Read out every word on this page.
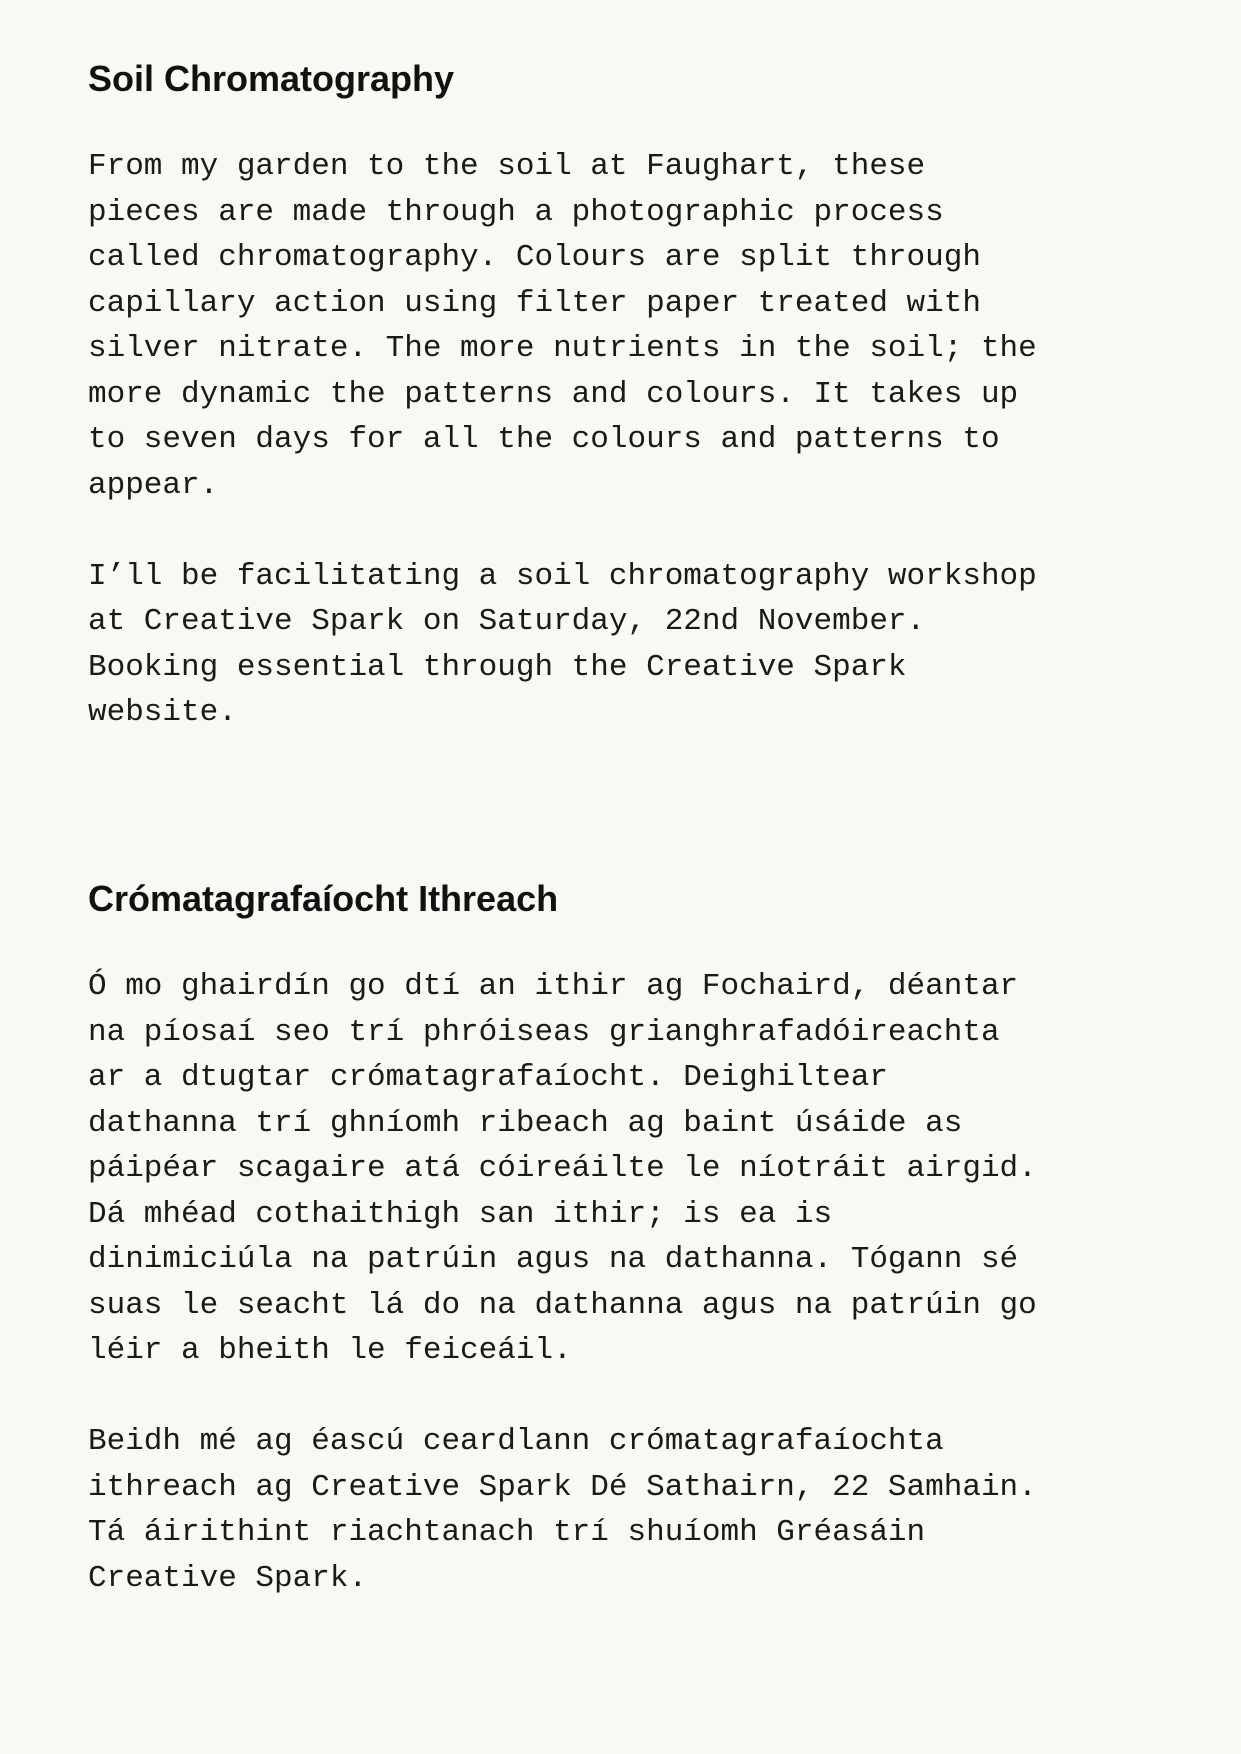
Soil Chromatography

From my garden to the soil at Faughart, these
pieces are made through a photographic process
called chromatography. Colours are split through
capillary action using filter paper treated with
silver nitrate. The more nutrients in the soil; the
more dynamic the patterns and colours. It takes up
to seven days for all the colours and patterns to
appear.

I’ll be facilitating a soil chromatography workshop
at Creative Spark on Saturday, 22nd November.
Booking essential through the Creative Spark
website.

Crómatagrafaíocht Ithreach

Ó mo ghairdín go dtí an ithir ag Fochaird, déantar
na píosaí seo trí phróiseas grianghrafadóireachta
ar a dtugtar crómatagrafaíocht. Deighiltear
dathanna trí ghníomh ribeach ag baint úsáide as
páipéar scagaire atá cóireáilte le níotráit airgid.
Dá mhéad cothaithigh san ithir; is ea is
dinimiciúla na patrúin agus na dathanna. Tógann sé
suas le seacht lá do na dathanna agus na patrúin go
léir a bheith le feiceáil.

Beidh mé ag éascú ceardlann crómatagrafaíochta
ithreach ag Creative Spark Dé Sathairn, 22 Samhain.
Tá áirithint riachtanach trí shuíomh Gréasáin
Creative Spark.
